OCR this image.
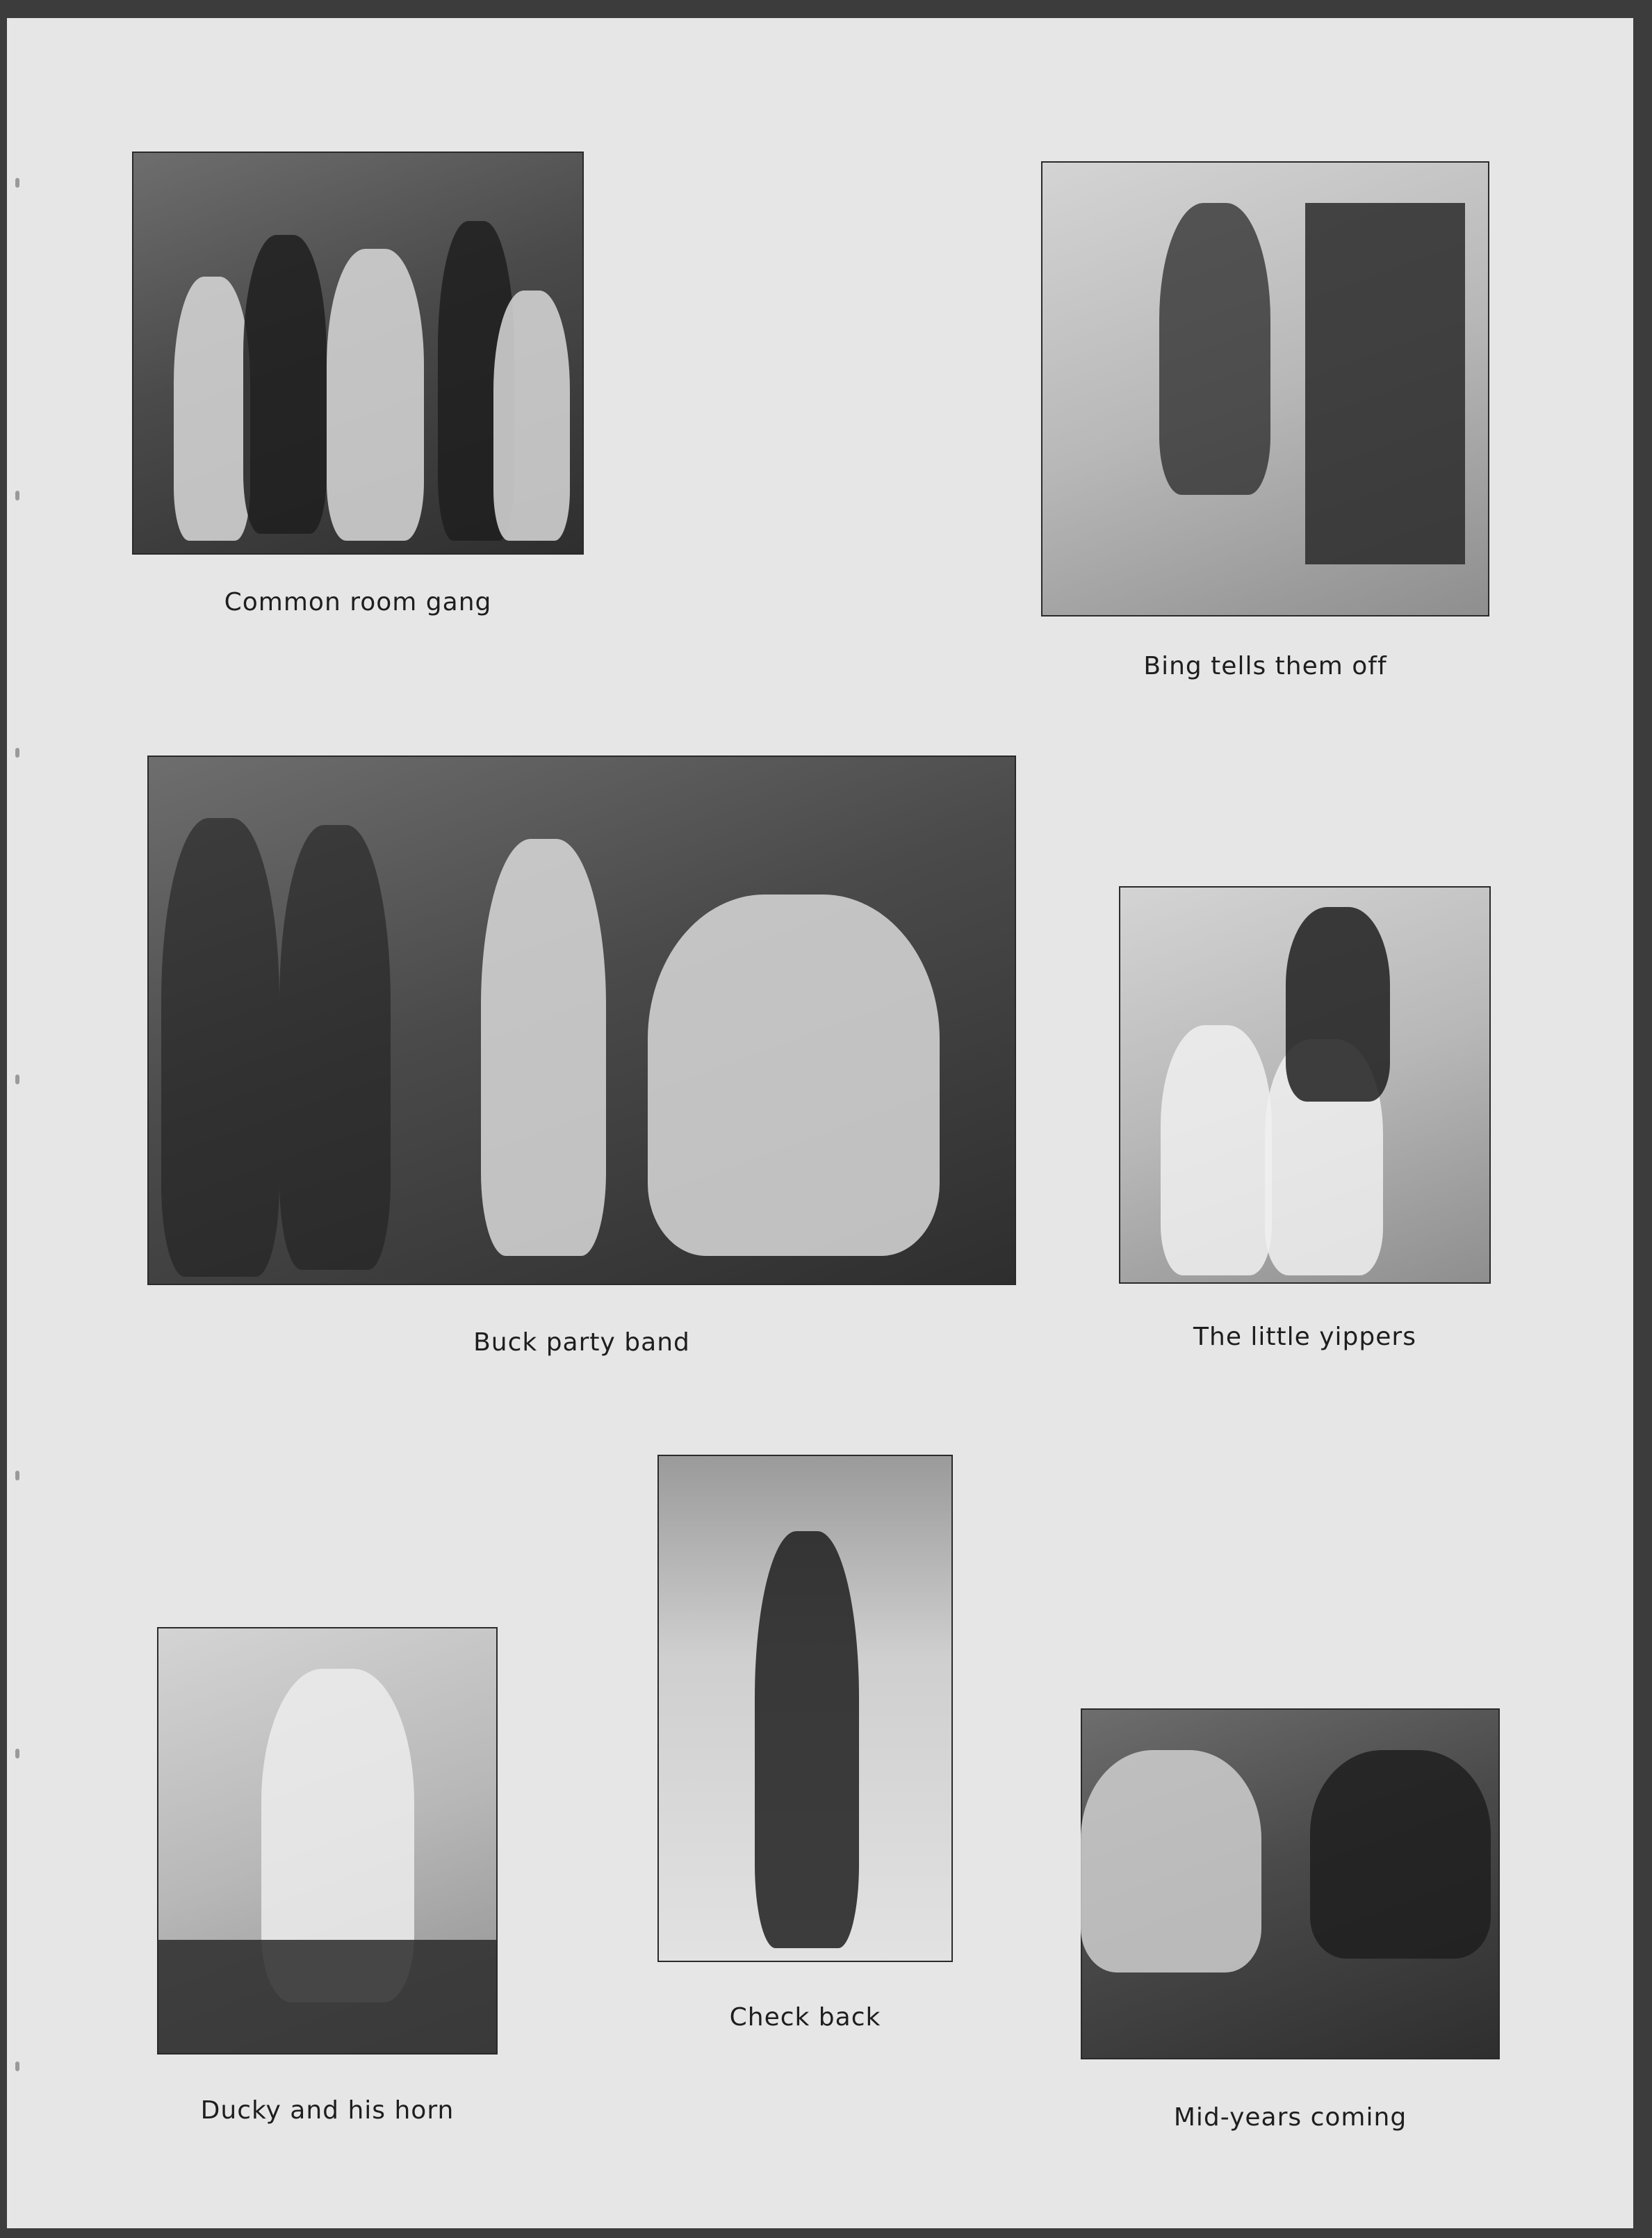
Common room gang
Bing tells them off
Buck party band	The little yippers
Check back
Ducky and his horn	Mid-years coming
